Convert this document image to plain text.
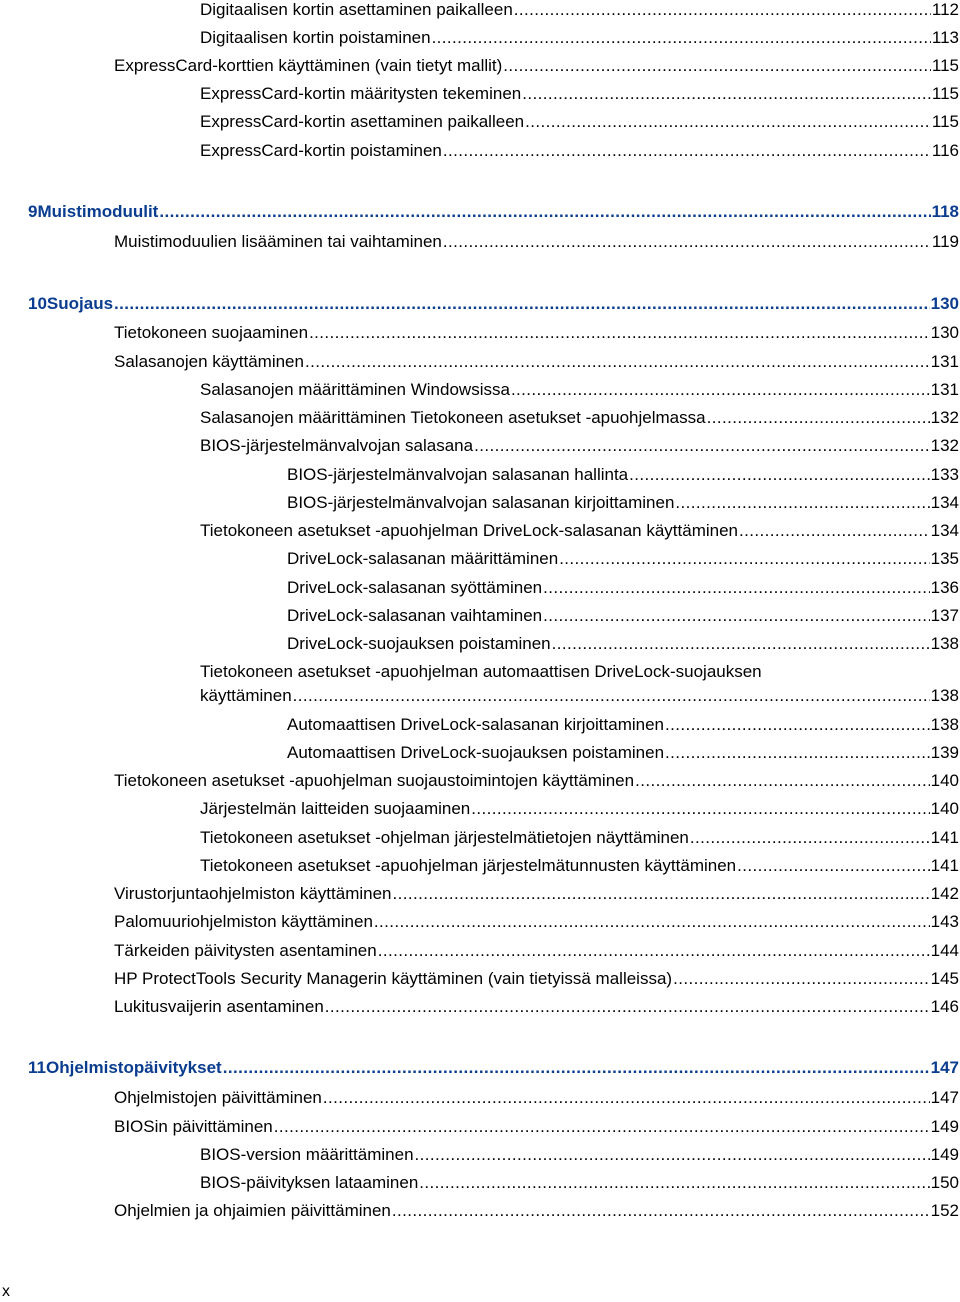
Digitaalisen kortin asettaminen paikalleen .....	112
Digitaalisen kortin poistaminen .....	113
ExpressCard-korttien käyttäminen (vain tietyt mallit) .....	115
ExpressCard-kortin määritysten tekeminen .....	115
ExpressCard-kortin asettaminen paikalleen .....	115
ExpressCard-kortin poistaminen .....	116
9 Muistimoduulit .....	118
Muistimoduulien lisääminen tai vaihtaminen .....	119
10 Suojaus .....	130
Tietokoneen suojaaminen .....	130
Salasanojen käyttäminen .....	131
Salasanojen määrittäminen Windowsissa .....	131
Salasanojen määrittäminen Tietokoneen asetukset -apuohjelmassa .....	132
BIOS-järjestelmänvalvojan salasana .....	132
BIOS-järjestelmänvalvojan salasanan hallinta .....	133
BIOS-järjestelmänvalvojan salasanan kirjoittaminen .....	134
Tietokoneen asetukset -apuohjelman DriveLock-salasanan käyttäminen .....	134
DriveLock-salasanan määrittäminen .....	135
DriveLock-salasanan syöttäminen .....	136
DriveLock-salasanan vaihtaminen .....	137
DriveLock-suojauksen poistaminen .....	138
Tietokoneen asetukset -apuohjelman automaattisen DriveLock-suojauksen
käyttäminen .....	138
Automaattisen DriveLock-salasanan kirjoittaminen .....	138
Automaattisen DriveLock-suojauksen poistaminen .....	139
Tietokoneen asetukset -apuohjelman suojaustoimintojen käyttäminen .....	140
Järjestelmän laitteiden suojaaminen .....	140
Tietokoneen asetukset -ohjelman järjestelmätietojen näyttäminen .....	141
Tietokoneen asetukset -apuohjelman järjestelmätunnusten käyttäminen .....	141
Virustorjuntaohjelmiston käyttäminen .....	142
Palomuuriohjelmiston käyttäminen .....	143
Tärkeiden päivitysten asentaminen .....	144
HP ProtectTools Security Managerin käyttäminen (vain tietyissä malleissa) .....	145
Lukitusvaijerin asentaminen .....	146
11 Ohjelmistopäivitykset .....	147
Ohjelmistojen päivittäminen .....	147
BIOSin päivittäminen .....	149
BIOS-version määrittäminen .....	149
BIOS-päivityksen lataaminen .....	150
Ohjelmien ja ohjaimien päivittäminen .....	152
x
